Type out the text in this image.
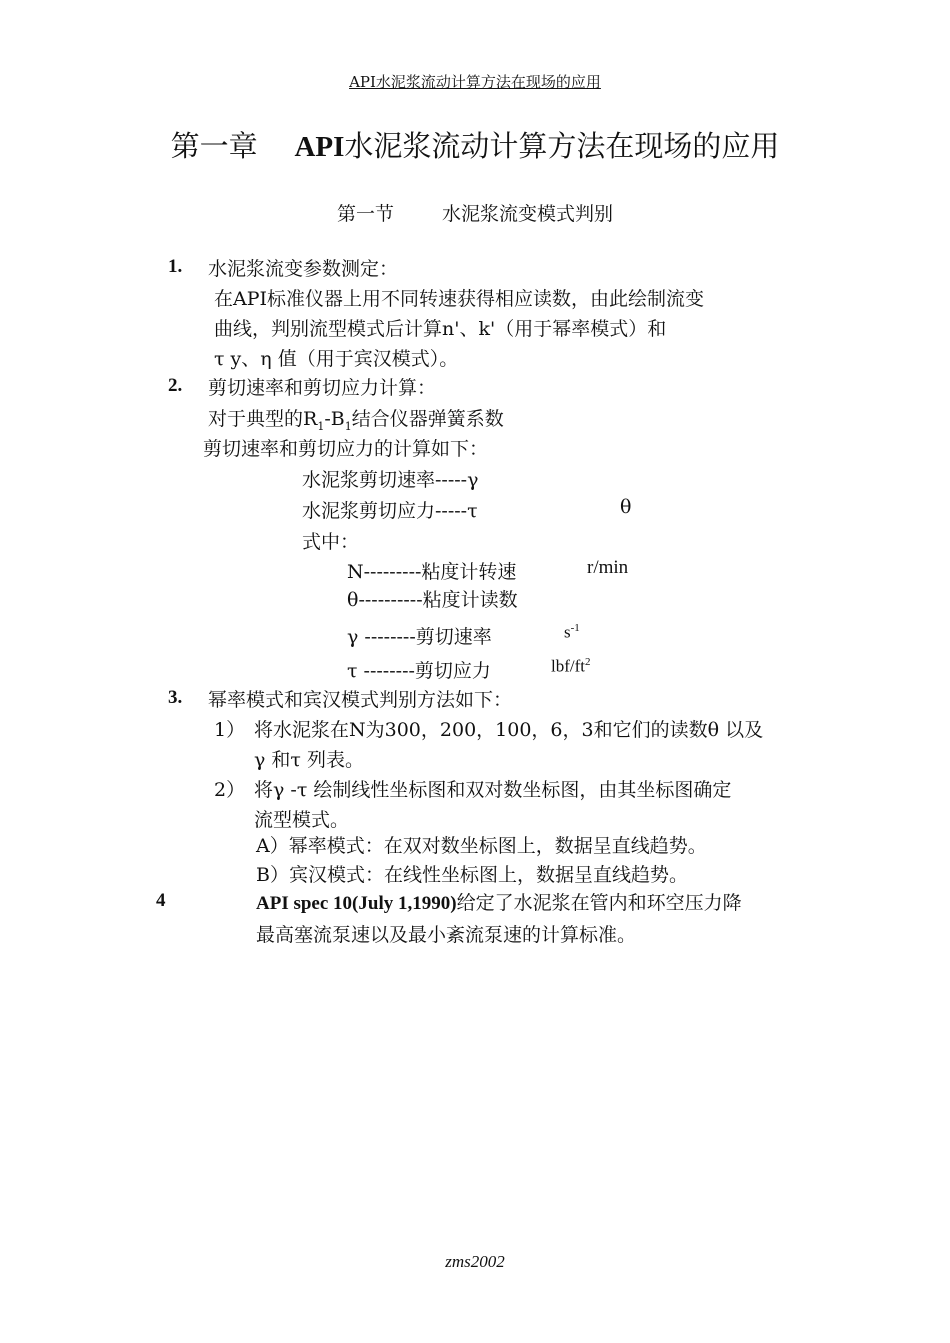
API水泥浆流动计算方法在现场的应用
第一章 API水泥浆流动计算方法在现场的应用
第一节	水泥浆流变模式判别
1. 水泥浆流变参数测定：
在API标准仪器上用不同转速获得相应读数，由此绘制流变
曲线，判别流型模式后计算n'、k'（用于幂率模式）和
τ y、η 值（用于宾汉模式）。
2. 剪切速率和剪切应力计算：
对于典型的$R_1-B_1$结合仪器弹簧系数
剪切速率和剪切应力的计算如下：
水泥浆剪切速率-----γ
水泥浆剪切应力-----τ	θ
式中：
N---------粘度计转速	r/min
θ----------粘度计读数
γ --------剪切速率	$s^{-1}$
τ --------剪切应力	lbf/$ft^2$
3. 幂率模式和宾汉模式判别方法如下：
1） 将水泥浆在N为300，200，100，6，3和它们的读数θ 以及
γ 和τ 列表。
2） 将γ -τ 绘制线性坐标图和双对数坐标图，由其坐标图确定
流型模式。
A）幂率模式：在双对数坐标图上，数据呈直线趋势。
B）宾汉模式：在线性坐标图上，数据呈直线趋势。
4	API spec 10(July 1,1990)给定了水泥浆在管内和环空压力降
最高塞流泵速以及最小紊流泵速的计算标准。
zms2002
